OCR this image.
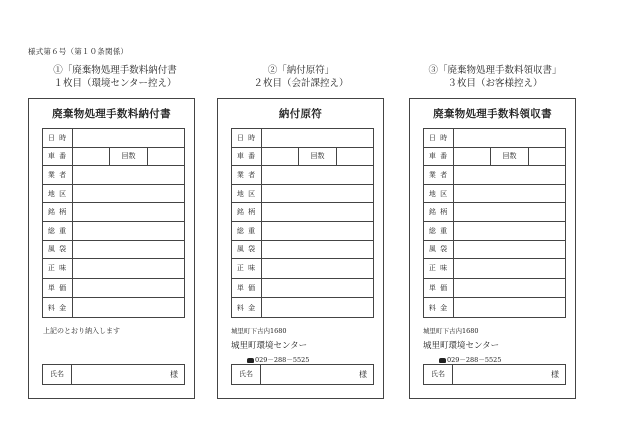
様式第６号（第１０条関係）
①「廃棄物処理手数料納付書
１枚目（環境センター控え）
②「納付原符」
２枚目（会計課控え）
③「廃棄物処理手数料領収書」
３枚目（お客様控え）
廃棄物処理手数料納付書
日 時			
車 番		回数	
業 者			
地 区			
銘 柄			
総 重			
風 袋			
正 味			
単 価			
料 金			
上記のとおり納入します
氏名	様
納付原符
日 時			
車 番		回数	
業 者			
地 区			
銘 柄			
総 重			
風 袋			
正 味			
単 価			
料 金			
城里町下古内1680
城里町環境センター
029－288－5525
氏名	様
廃棄物処理手数料領収書
日 時			
車 番		回数	
業 者			
地 区			
銘 柄			
総 重			
風 袋			
正 味			
単 価			
料 金			
城里町下古内1680
城里町環境センター
029－288－5525
氏名	様
